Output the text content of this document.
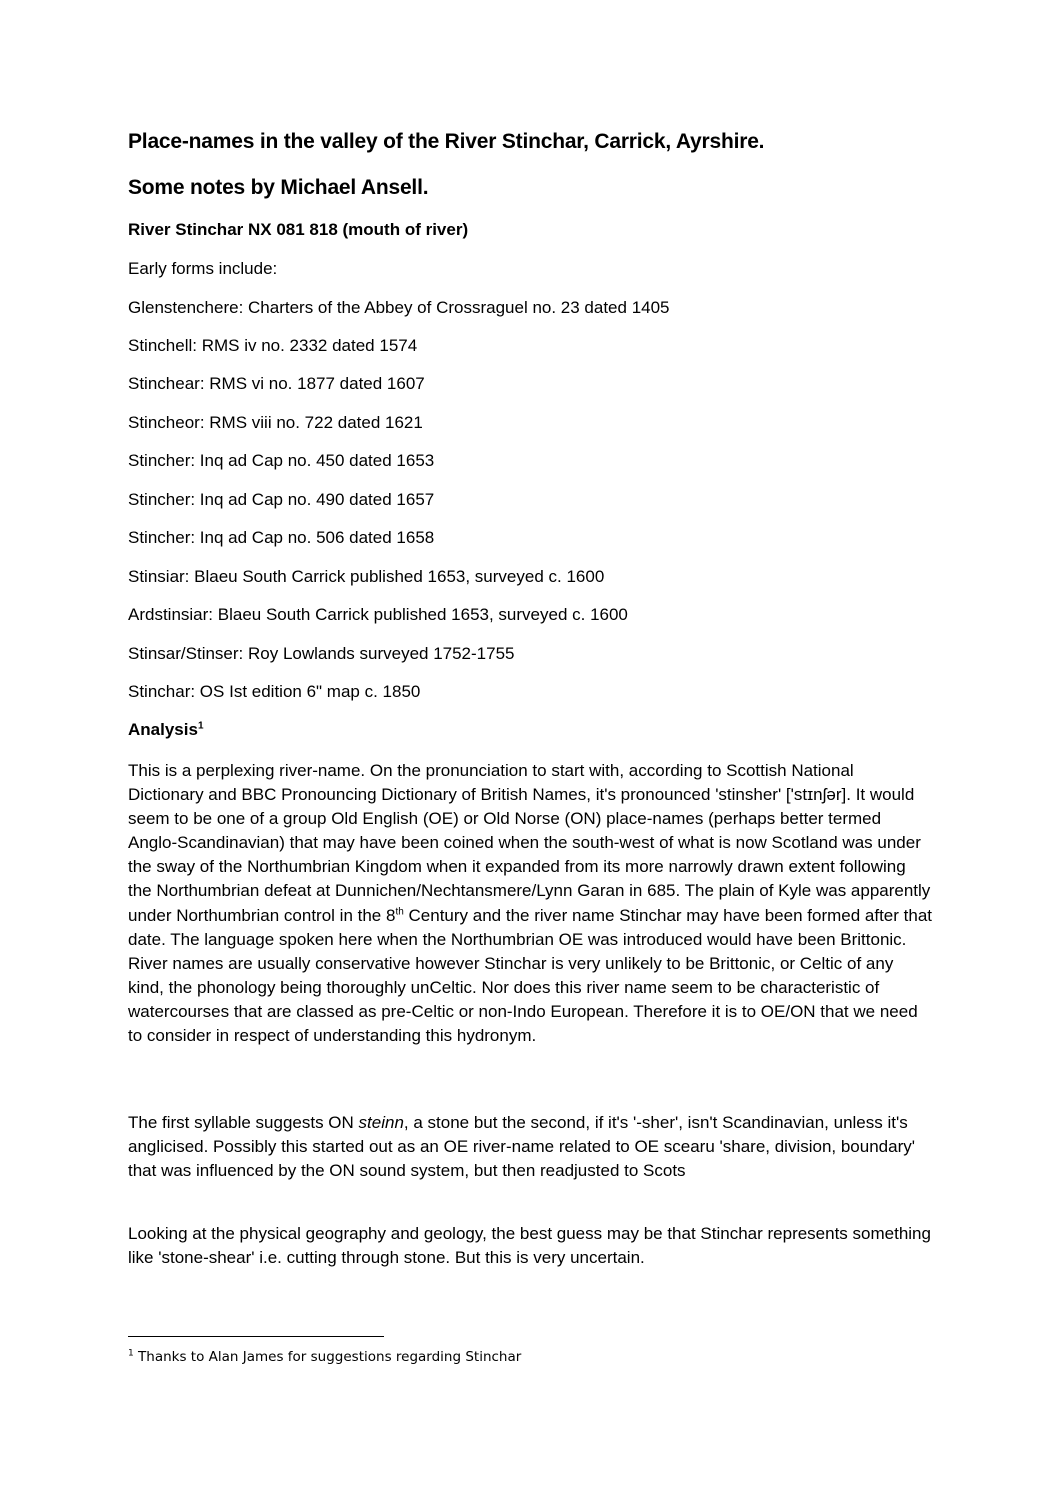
Place-names in the valley of the River Stinchar, Carrick, Ayrshire.
Some notes by Michael Ansell.
River Stinchar NX 081 818 (mouth of river)

Early forms include:

Glenstenchere: Charters of the Abbey of Crossraguel no. 23 dated 1405

Stinchell: RMS iv no. 2332 dated 1574

Stinchear: RMS vi no. 1877 dated 1607

Stincheor: RMS viii no. 722 dated 1621

Stincher: Inq ad Cap no. 450 dated 1653

Stincher: Inq ad Cap no. 490 dated 1657

Stincher: Inq ad Cap no. 506 dated 1658

Stinsiar: Blaeu South Carrick published 1653, surveyed c. 1600

Ardstinsiar: Blaeu South Carrick published 1653, surveyed c. 1600

Stinsar/Stinser: Roy Lowlands surveyed 1752-1755

Stinchar: OS Ist edition 6" map c. 1850

Analysis$^1$

This is a perplexing river-name. On the pronunciation to start with, according to Scottish National Dictionary and BBC Pronouncing Dictionary of British Names, it's pronounced 'stinsher' ['stɪnʃər]. It would seem to be one of a group Old English (OE) or Old Norse (ON) place-names (perhaps better termed Anglo-Scandinavian) that may have been coined when the south-west of what is now Scotland was under the sway of the Northumbrian Kingdom when it expanded from its more narrowly drawn extent following the Northumbrian defeat at Dunnichen/Nechtansmere/Lynn Garan in 685. The plain of Kyle was apparently under Northumbrian control in the 8th Century and the river name Stinchar may have been formed after that date. The language spoken here when the Northumbrian OE was introduced would have been Brittonic. River names are usually conservative however Stinchar is very unlikely to be Brittonic, or Celtic of any kind, the phonology being thoroughly unCeltic. Nor does this river name seem to be characteristic of watercourses that are classed as pre-Celtic or non-Indo European. Therefore it is to OE/ON that we need to consider in respect of understanding this hydronym.

The first syllable suggests ON steinn, a stone but the second, if it's '-sher', isn't Scandinavian, unless it's anglicised. Possibly this started out as an OE river-name related to OE scearu 'share, division, boundary' that was influenced by the ON sound system, but then readjusted to Scots

Looking at the physical geography and geology, the best guess may be that Stinchar represents something like 'stone-shear' i.e. cutting through stone. But this is very uncertain.

$^1$ Thanks to Alan James for suggestions regarding Stinchar
